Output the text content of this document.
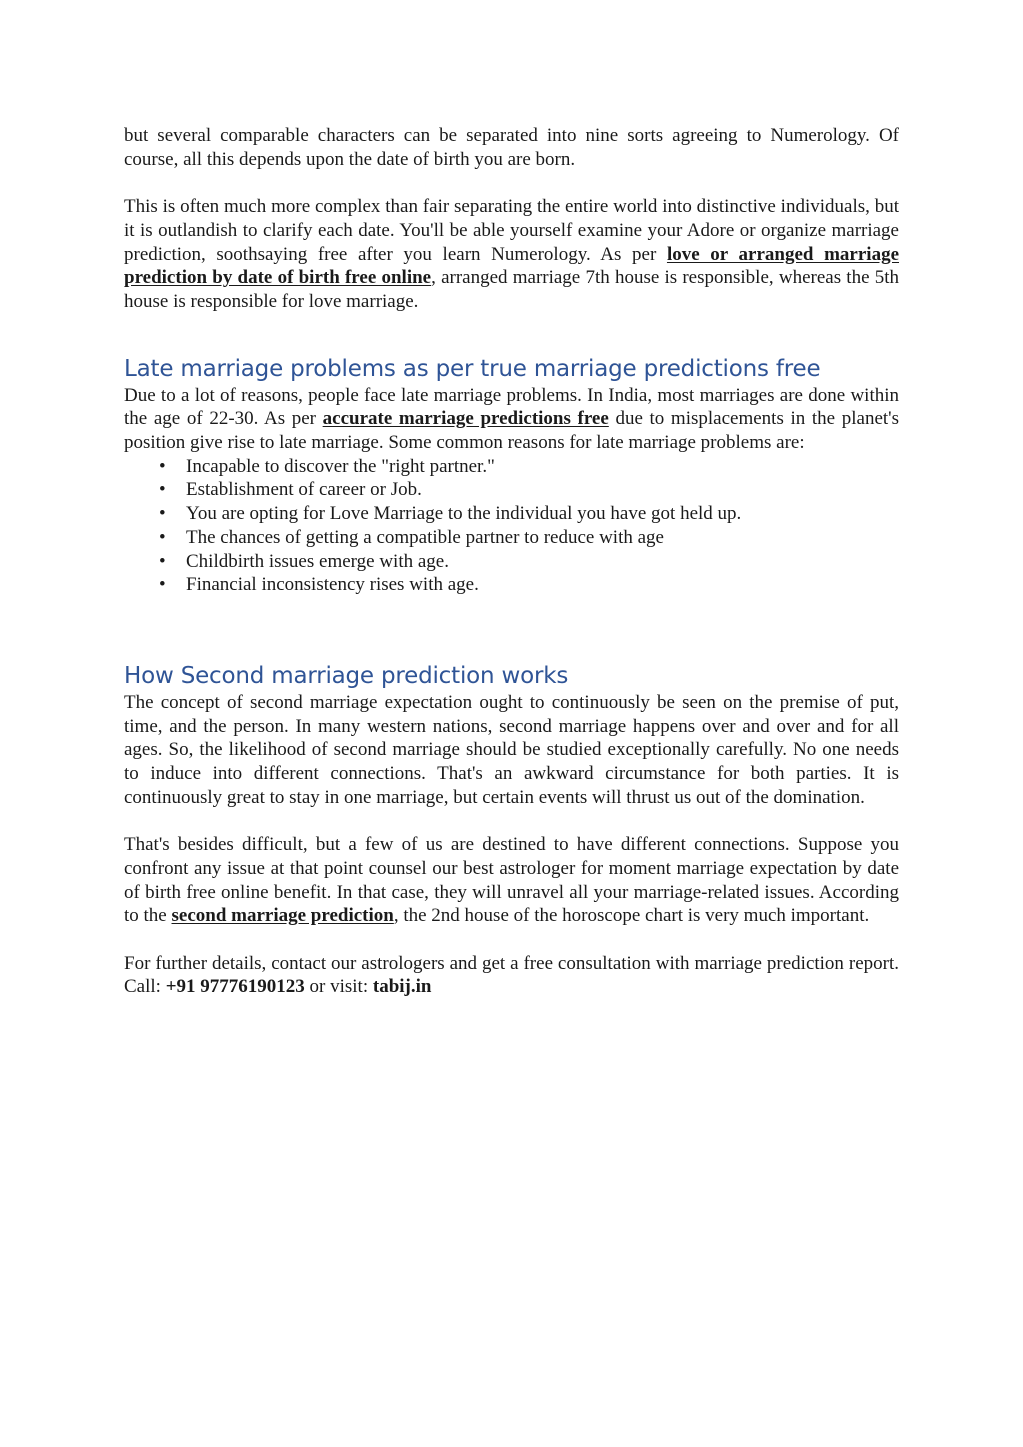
but several comparable characters can be separated into nine sorts agreeing to Numerology. Of course, all this depends upon the date of birth you are born.

This is often much more complex than fair separating the entire world into distinctive individuals, but it is outlandish to clarify each date. You'll be able yourself examine your Adore or organize marriage prediction, soothsaying free after you learn Numerology. As per love or arranged marriage prediction by date of birth free online, arranged marriage 7th house is responsible, whereas the 5th house is responsible for love marriage.

Late marriage problems as per true marriage predictions free

Due to a lot of reasons, people face late marriage problems. In India, most marriages are done within the age of 22-30. As per accurate marriage predictions free due to misplacements in the planet's position give rise to late marriage. Some common reasons for late marriage problems are:

• Incapable to discover the "right partner."
• Establishment of career or Job.
• You are opting for Love Marriage to the individual you have got held up.
• The chances of getting a compatible partner to reduce with age
• Childbirth issues emerge with age.
• Financial inconsistency rises with age.
How Second marriage prediction works

The concept of second marriage expectation ought to continuously be seen on the premise of put, time, and the person. In many western nations, second marriage happens over and over and for all ages. So, the likelihood of second marriage should be studied exceptionally carefully. No one needs to induce into different connections. That's an awkward circumstance for both parties. It is continuously great to stay in one marriage, but certain events will thrust us out of the domination.

That's besides difficult, but a few of us are destined to have different connections. Suppose you confront any issue at that point counsel our best astrologer for moment marriage expectation by date of birth free online benefit. In that case, they will unravel all your marriage-related issues. According to the second marriage prediction, the 2nd house of the horoscope chart is very much important.

For further details, contact our astrologers and get a free consultation with marriage prediction report. Call: +91 97776190123 or visit: tabij.in
